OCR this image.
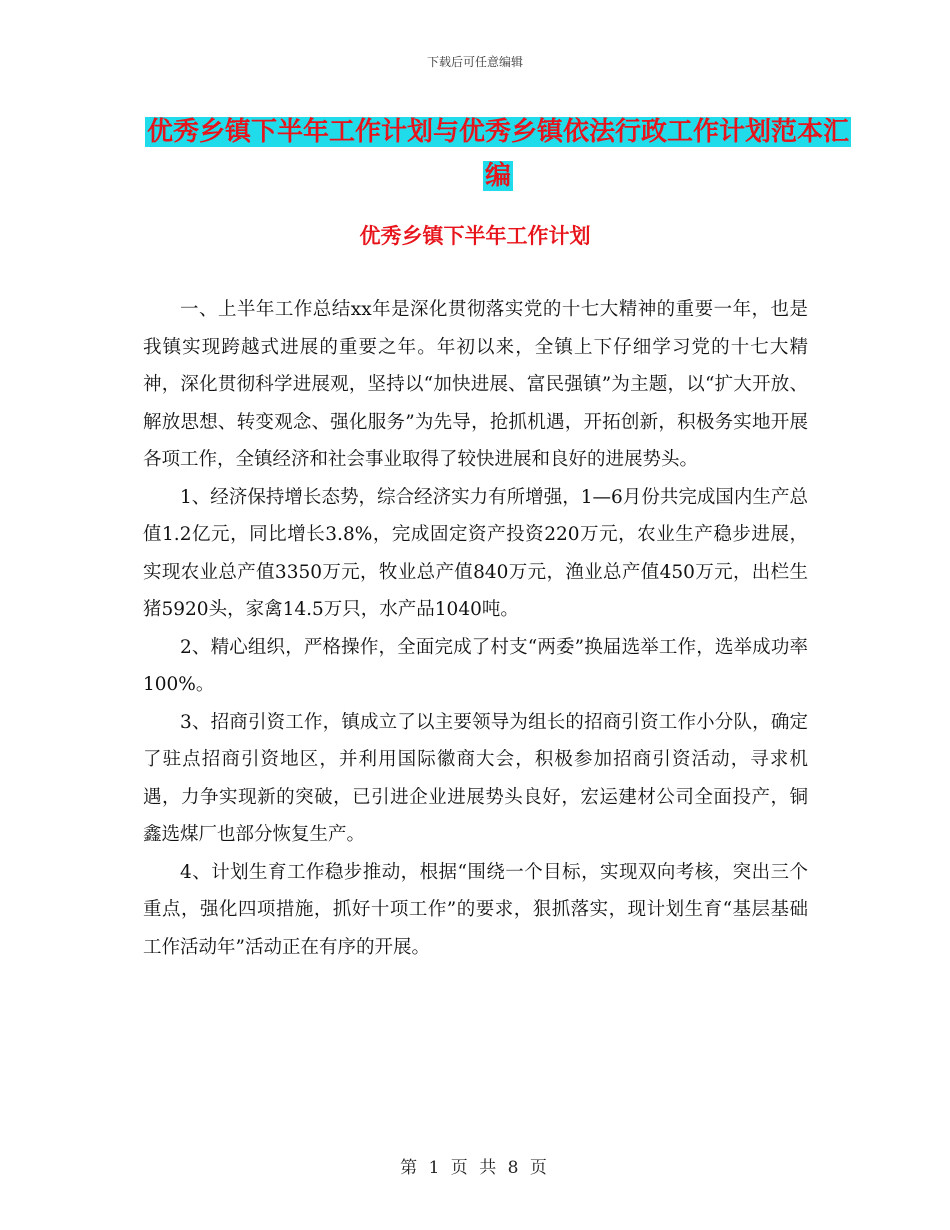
下载后可任意编辑
优秀乡镇下半年工作计划与优秀乡镇依法行政工作计划范本汇编
优秀乡镇下半年工作计划

一、上半年工作总结xx年是深化贯彻落实党的十七大精神的重要一年，也是我镇实现跨越式进展的重要之年。年初以来，全镇上下仔细学习党的十七大精神，深化贯彻科学进展观，坚持以“加快进展、富民强镇”为主题，以“扩大开放、解放思想、转变观念、强化服务”为先导，抢抓机遇，开拓创新，积极务实地开展各项工作，全镇经济和社会事业取得了较快进展和良好的进展势头。

1、经济保持增长态势，综合经济实力有所增强，1—6月份共完成国内生产总值1.2亿元，同比增长3.8%，完成固定资产投资220万元，农业生产稳步进展，实现农业总产值3350万元，牧业总产值840万元，渔业总产值450万元，出栏生猪5920头，家禽14.5万只，水产品1040吨。

2、精心组织，严格操作，全面完成了村支“两委”换届选举工作，选举成功率100%。

3、招商引资工作，镇成立了以主要领导为组长的招商引资工作小分队，确定了驻点招商引资地区，并利用国际徽商大会，积极参加招商引资活动，寻求机遇，力争实现新的突破，已引进企业进展势头良好，宏运建材公司全面投产，铜鑫选煤厂也部分恢复生产。

4、计划生育工作稳步推动，根据“围绕一个目标，实现双向考核，突出三个重点，强化四项措施，抓好十项工作”的要求，狠抓落实，现计划生育“基层基础工作活动年”活动正在有序的开展。

第 1 页 共 8 页
